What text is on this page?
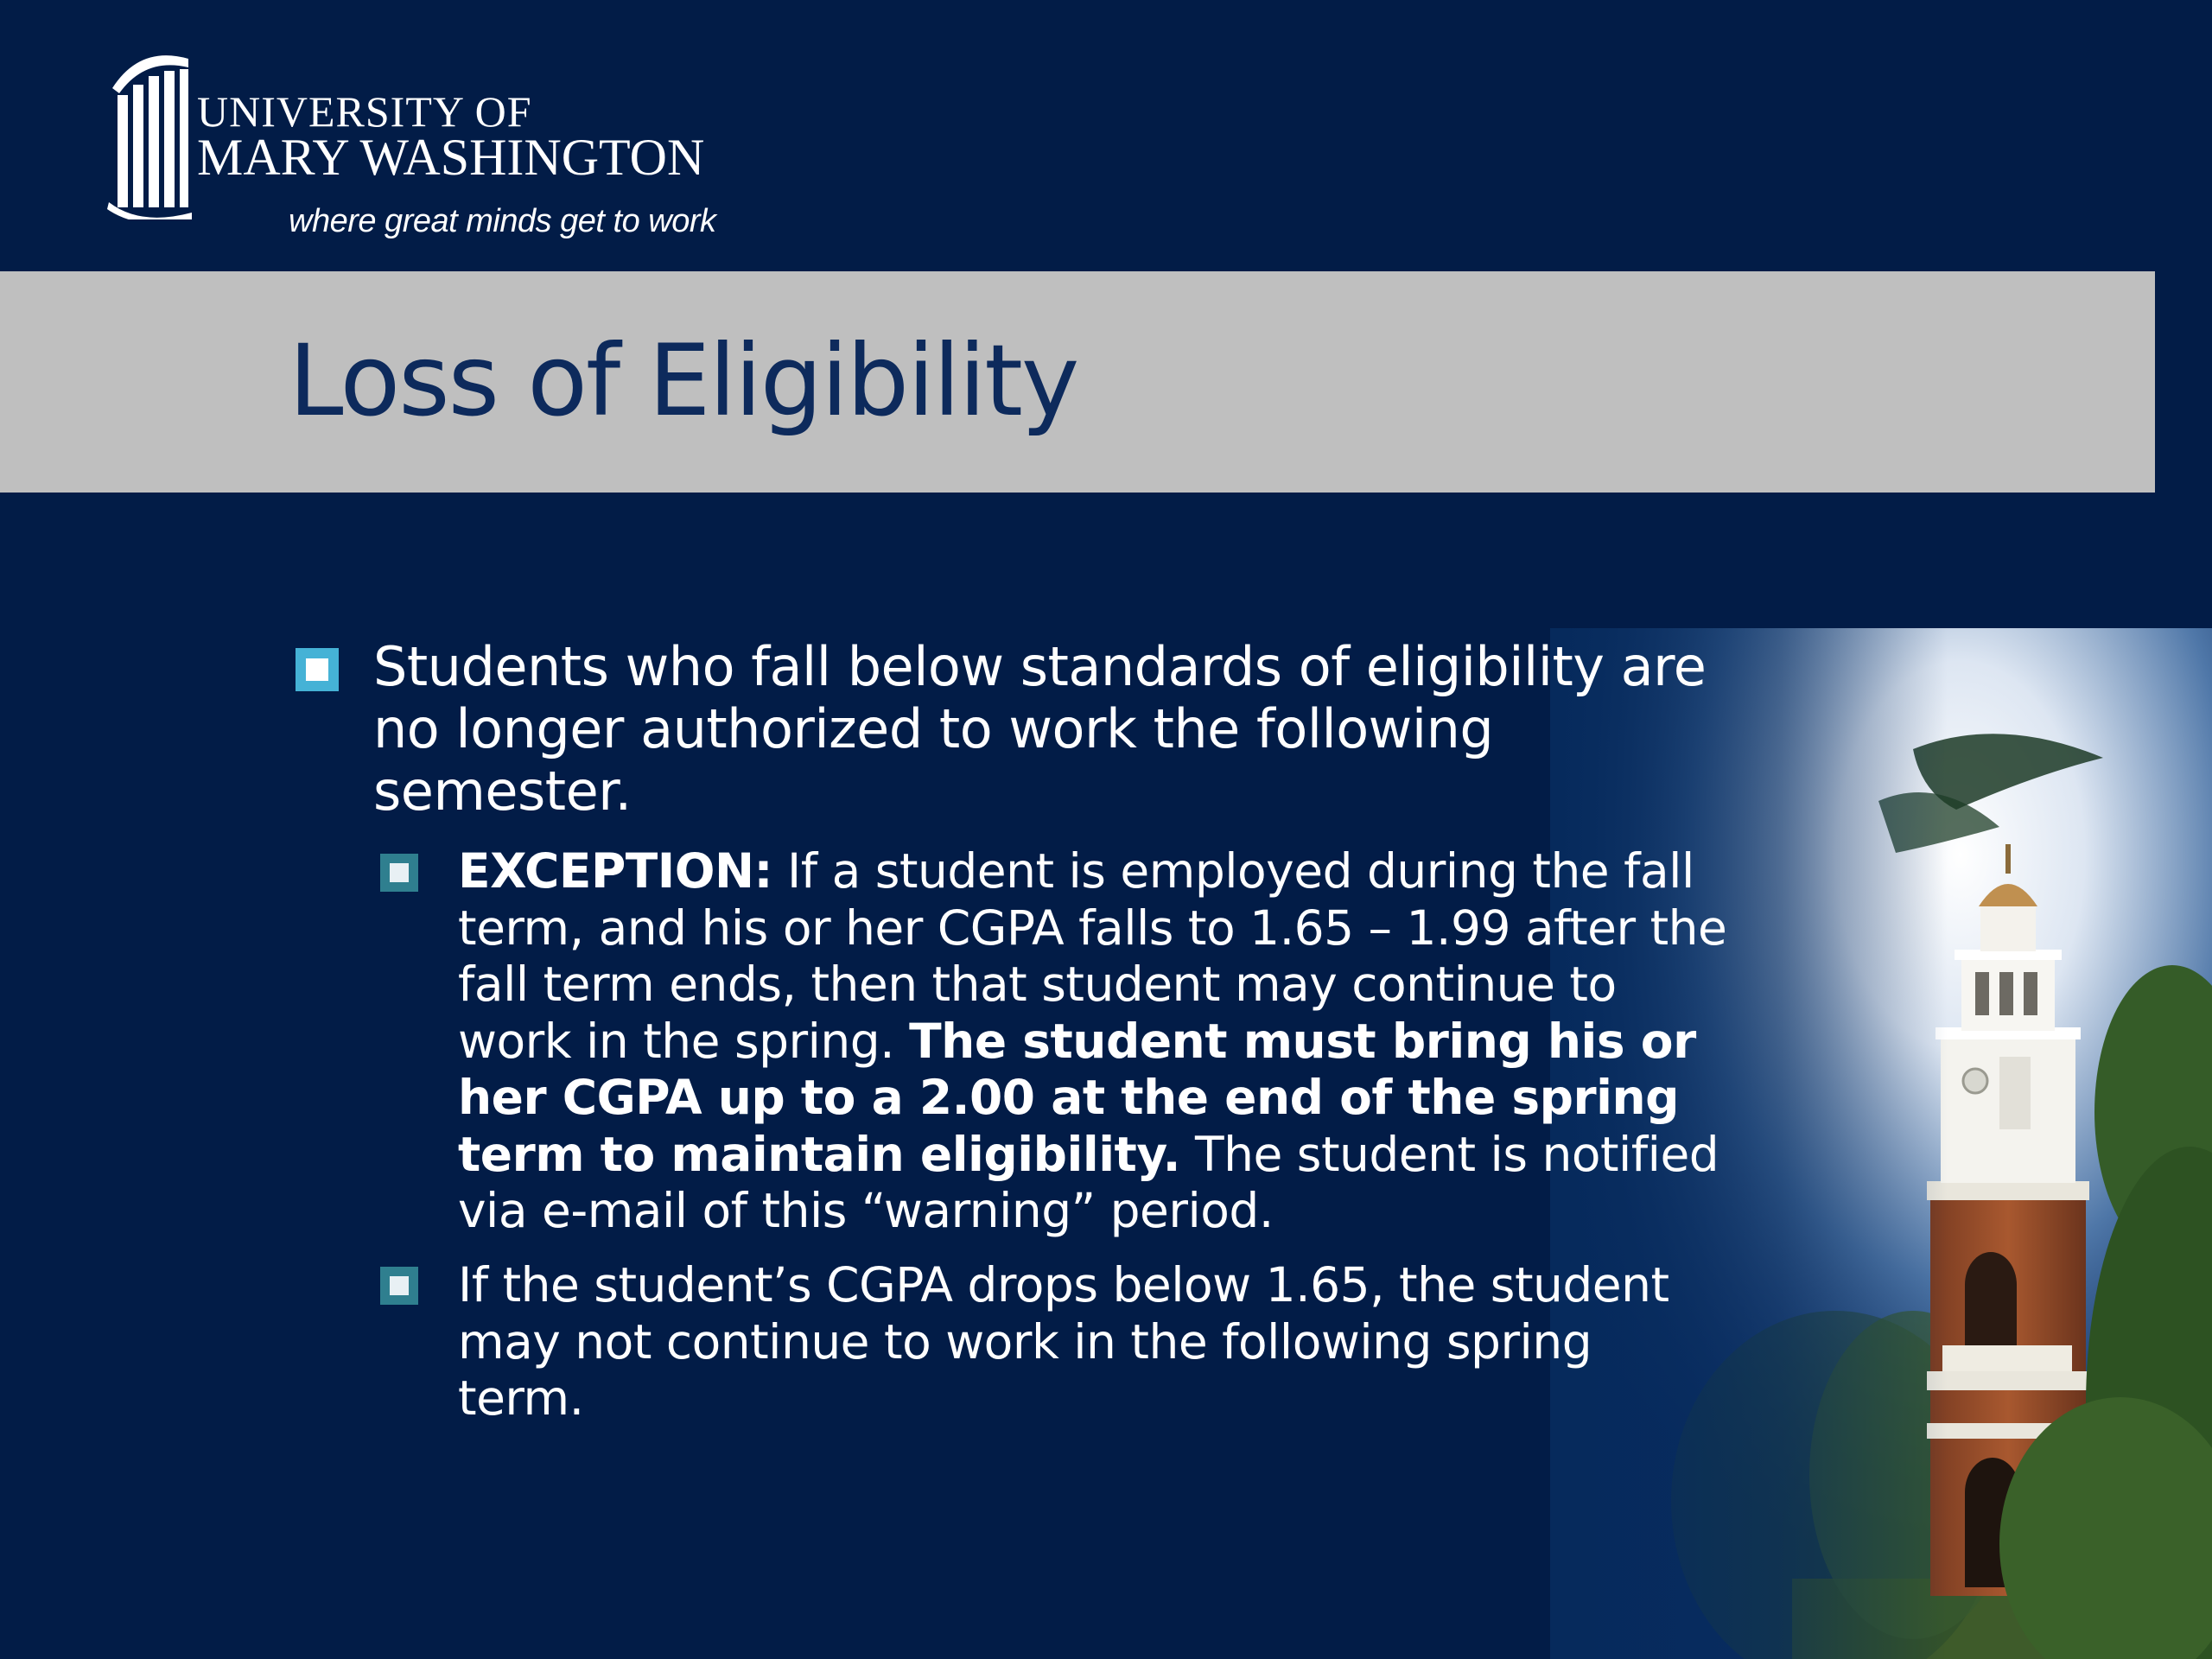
UNIVERSITY OF
MARY WASHINGTON
where great minds get to work
Loss of Eligibility
Students who fall below standards of eligibility are no longer authorized to work the following semester.
EXCEPTION: If a student is employed during the fall term, and his or her CGPA falls to 1.65 – 1.99 after the fall term ends, then that student may continue to work in the spring. The student must bring his or her CGPA up to a 2.00 at the end of the spring term to maintain eligibility. The student is notified via e-mail of this “warning” period.
If the student’s CGPA drops below 1.65, the student may not continue to work in the following spring term.
